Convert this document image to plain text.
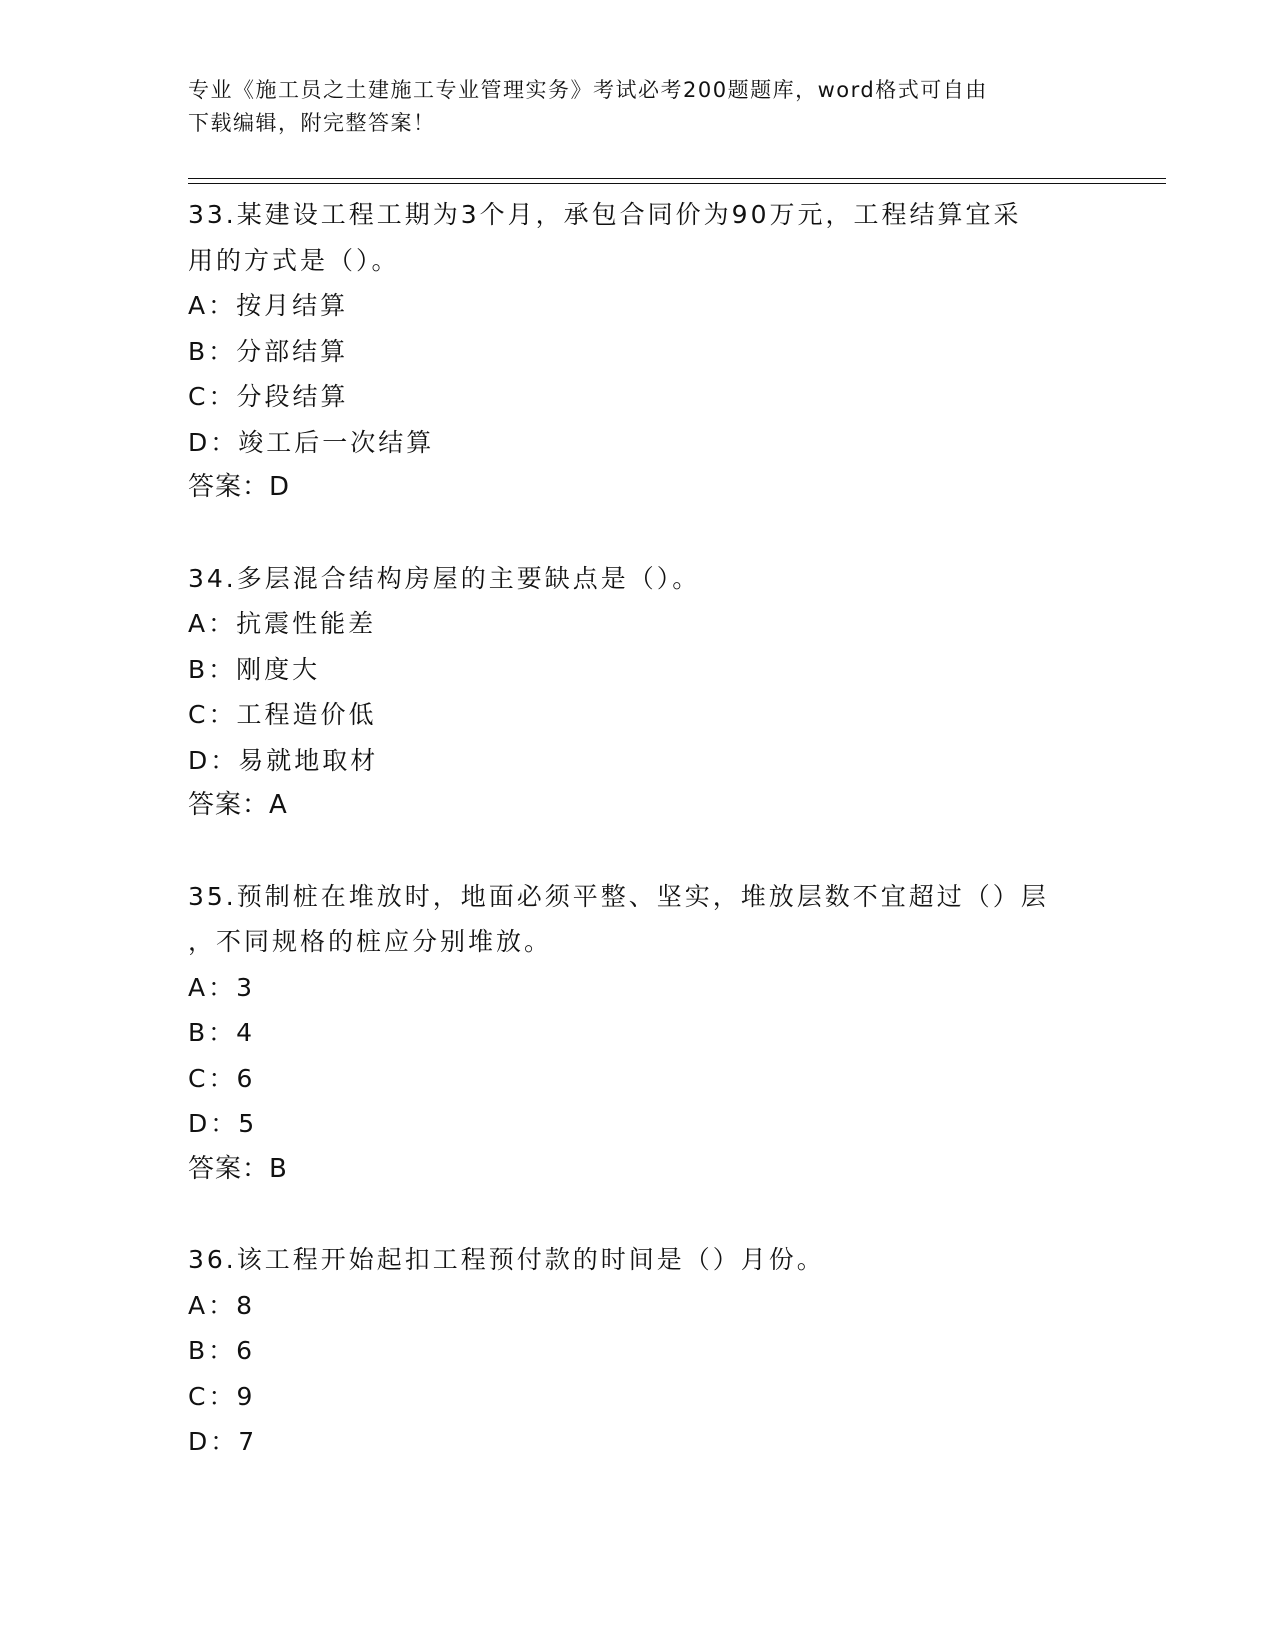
专业《施工员之土建施工专业管理实务》考试必考200题题库，word格式可自由
下载编辑，附完整答案！
33.某建设工程工期为3个月，承包合同价为90万元，工程结算宜采
用的方式是（）。
A：按月结算
B：分部结算
C：分段结算
D：竣工后一次结算
答案：D
34.多层混合结构房屋的主要缺点是（）。
A：抗震性能差
B：刚度大
C：工程造价低
D：易就地取材
答案：A
35.预制桩在堆放时，地面必须平整、坚实，堆放层数不宜超过（）层
，不同规格的桩应分别堆放。
A：3
B：4
C：6
D：5
答案：B
36.该工程开始起扣工程预付款的时间是（）月份。
A：8
B：6
C：9
D：7
